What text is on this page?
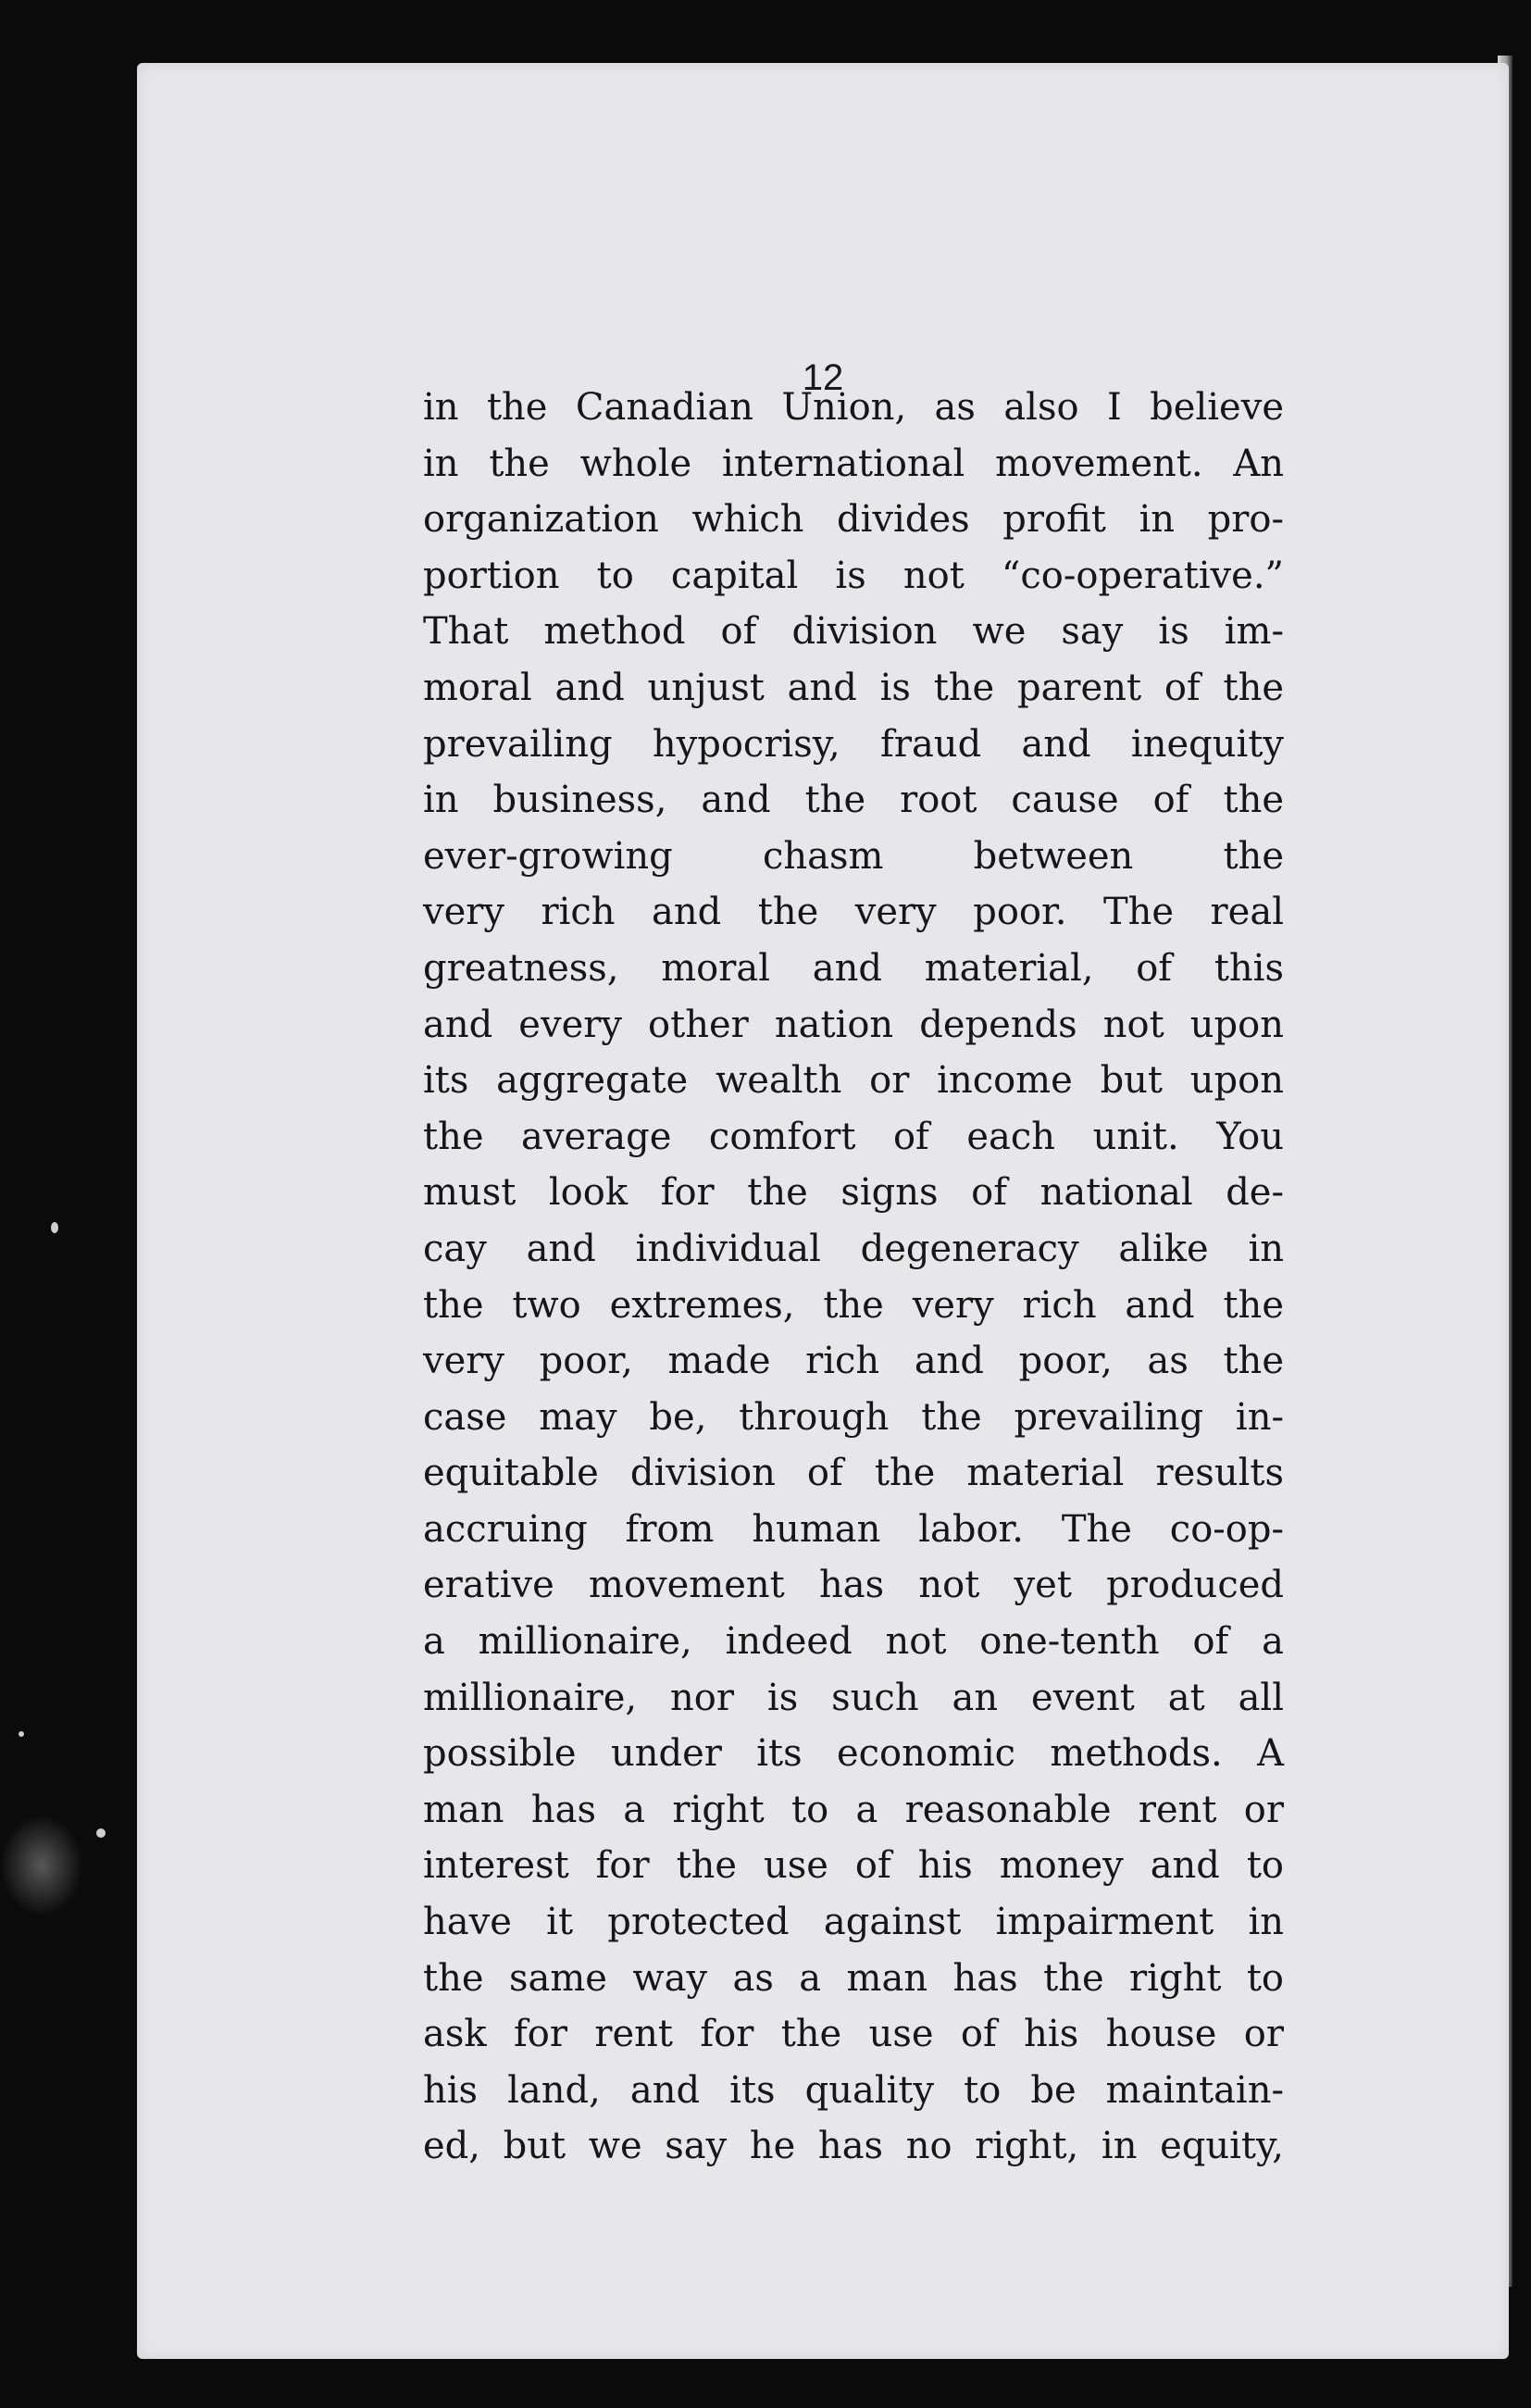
12

in the Canadian Union, as also I believe
in the whole international movement. An
organization which divides profit in pro-
portion to capital is not “co-operative.”
That method of division we say is im-
moral and unjust and is the parent of the
prevailing hypocrisy, fraud and inequity
in business, and the root cause of the
ever-growing chasm between the
very rich and the very poor. The real
greatness, moral and material, of this
and every other nation depends not upon
its aggregate wealth or income but upon
the average comfort of each unit. You
must look for the signs of national de-
cay and individual degeneracy alike in
the two extremes, the very rich and the
very poor, made rich and poor, as the
case may be, through the prevailing in-
equitable division of the material results
accruing from human labor. The co-op-
erative movement has not yet produced
a millionaire, indeed not one-tenth of a
millionaire, nor is such an event at all
possible under its economic methods. A
man has a right to a reasonable rent or
interest for the use of his money and to
have it protected against impairment in
the same way as a man has the right to
ask for rent for the use of his house or
his land, and its quality to be maintain-
ed, but we say he has no right, in equity,
